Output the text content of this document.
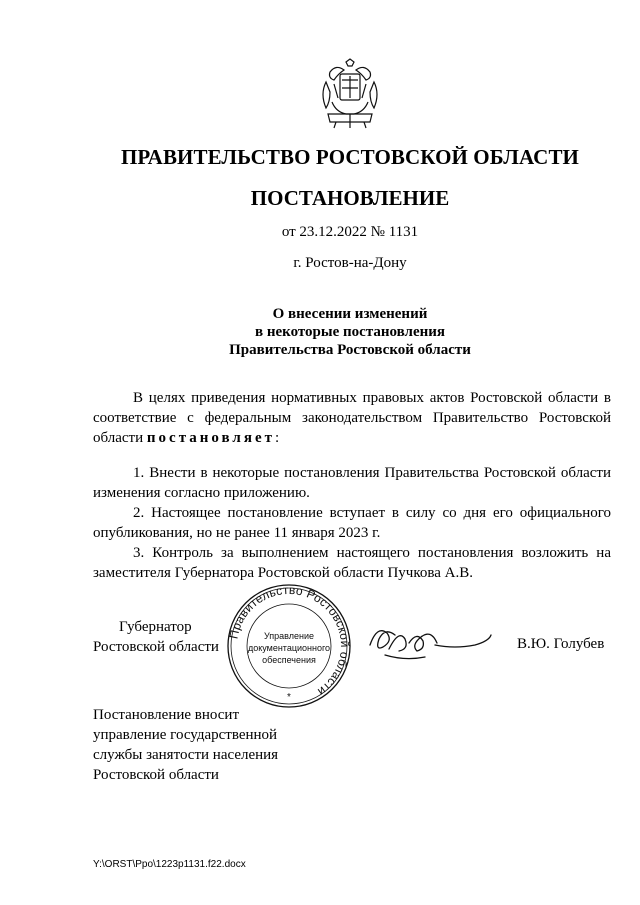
ПРАВИТЕЛЬСТВО РОСТОВСКОЙ ОБЛАСТИ
ПОСТАНОВЛЕНИЕ
от 23.12.2022 № 1131
г. Ростов-на-Дону
О внесении изменений
в некоторые постановления
Правительства Ростовской области
В целях приведения нормативных правовых актов Ростовской области в соответствие с федеральным законодательством Правительство Ростовской области постановляет:
1. Внести в некоторые постановления Правительства Ростовской области изменения согласно приложению.
2. Настоящее постановление вступает в силу со дня его официального опубликования, но не ранее 11 января 2023 г.
3. Контроль за выполнением настоящего постановления возложить на заместителя Губернатора Ростовской области Пучкова А.В.
Губернатор
Ростовской области
Правительство Ростовской области
Управление
документационного
обеспечения
*
В.Ю. Голубев
Постановление вносит
управление государственной
службы занятости населения
Ростовской области
Y:\ORST\Ppo\1223p1131.f22.docx
